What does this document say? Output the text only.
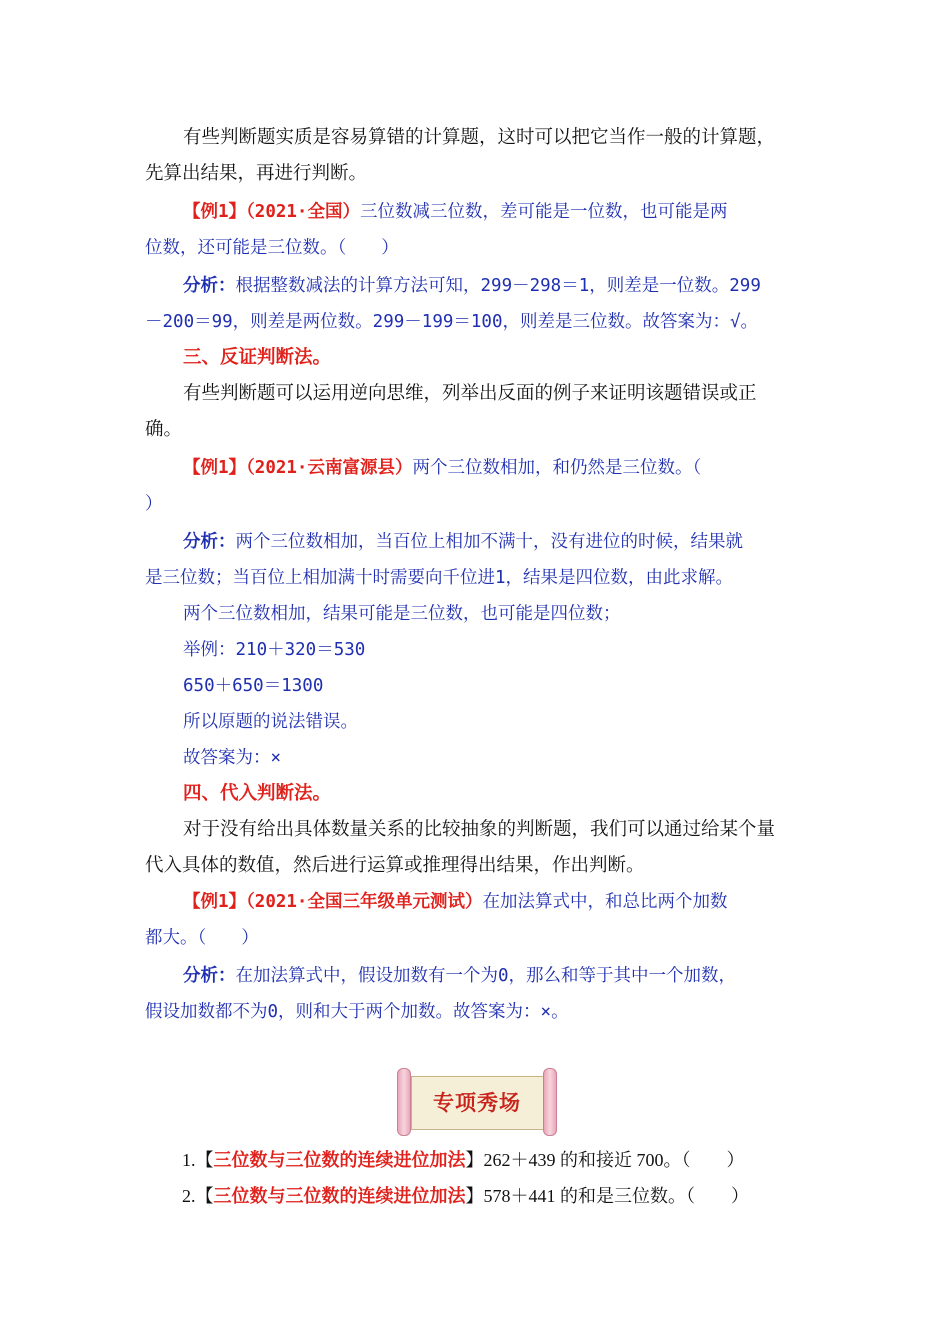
有些判断题实质是容易算错的计算题，这时可以把它当作一般的计算题，
先算出结果，再进行判断。
【例1】（2021·全国）三位数减三位数，差可能是一位数，也可能是两
位数，还可能是三位数。（　　）
分析：根据整数减法的计算方法可知，299－298＝1，则差是一位数。299
－200＝99，则差是两位数。299－199＝100，则差是三位数。故答案为：√。
三、反证判断法。
有些判断题可以运用逆向思维，列举出反面的例子来证明该题错误或正
确。
【例1】（2021·云南富源县）两个三位数相加，和仍然是三位数。（
）
分析：两个三位数相加，当百位上相加不满十，没有进位的时候，结果就
是三位数；当百位上相加满十时需要向千位进1，结果是四位数，由此求解。
两个三位数相加，结果可能是三位数，也可能是四位数；
举例：210＋320＝530
650＋650＝1300
所以原题的说法错误。
故答案为：×
四、代入判断法。
对于没有给出具体数量关系的比较抽象的判断题，我们可以通过给某个量
代入具体的数值，然后进行运算或推理得出结果，作出判断。
【例1】（2021·全国三年级单元测试）在加法算式中，和总比两个加数
都大。（　　）
分析：在加法算式中，假设加数有一个为0，那么和等于其中一个加数，
假设加数都不为0，则和大于两个加数。故答案为：×。
专项秀场
1.【三位数与三位数的连续进位加法】262＋439 的和接近 700。（　　）
2.【三位数与三位数的连续进位加法】578＋441 的和是三位数。（　　）
